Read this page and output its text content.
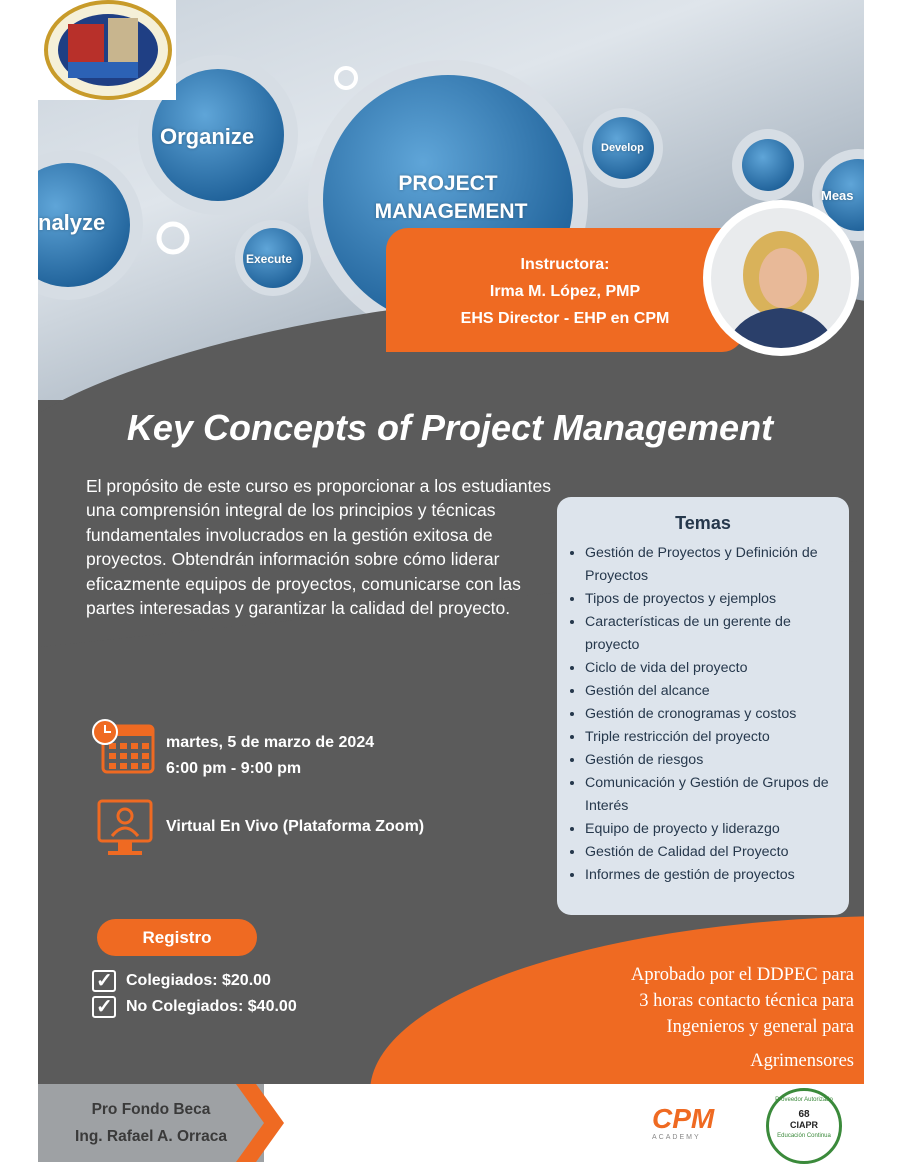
Organize
nalyze
Execute
Develop
Meas
PROJECT
MANAGEMENT
Instructora:
Irma M. López, PMP
EHS Director - EHP en CPM
Key Concepts of Project Management
El propósito de este curso es proporcionar a los estudiantes una comprensión integral de los principios y técnicas fundamentales involucrados en la gestión exitosa de proyectos. Obtendrán información sobre cómo liderar eficazmente equipos de proyectos, comunicarse con las partes interesadas y garantizar la calidad del proyecto.
Temas
• Gestión de Proyectos y Definición de Proyectos
• Tipos de proyectos y ejemplos
• Características de un gerente de proyecto
• Ciclo de vida del proyecto
• Gestión del alcance
• Gestión de cronogramas y costos
• Triple restricción del proyecto
• Gestión de riesgos
• Comunicación y Gestión de Grupos de Interés
• Equipo de proyecto y liderazgo
• Gestión de Calidad del Proyecto
• Informes de gestión de proyectos
martes, 5 de marzo de 2024
6:00 pm - 9:00 pm
Virtual En Vivo (Plataforma Zoom)
Registro
✓Colegiados: $20.00
✓No Colegiados: $40.00
Aprobado por el DDPEC para
3 horas contacto técnica para
Ingenieros y general para
Agrimensores
Pro Fondo Beca
Ing. Rafael A. Orraca
CPM
ACADEMY
Proveedor Autorizado
68
CIAPR
Educación Continua
